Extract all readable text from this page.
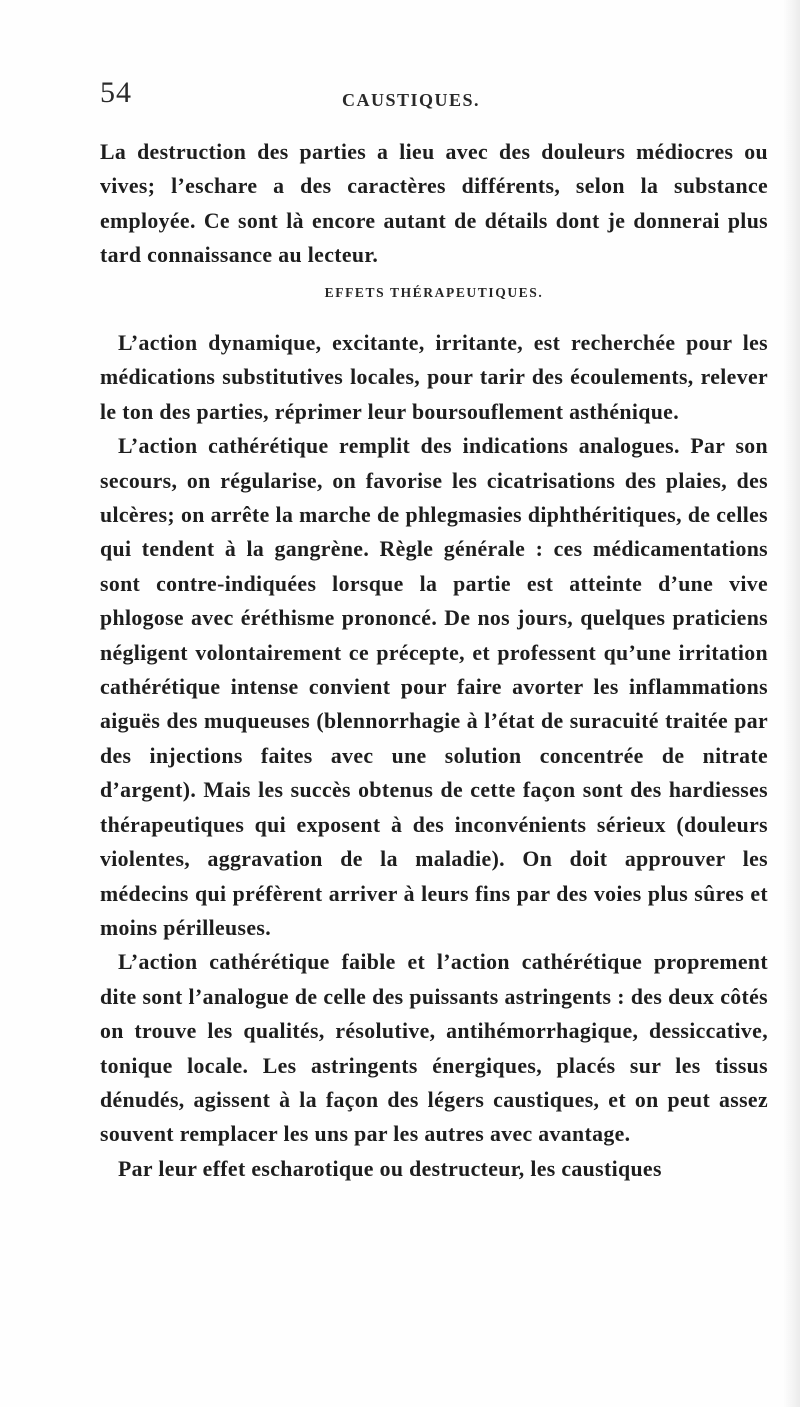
54	CAUSTIQUES.

La destruction des parties a lieu avec des douleurs médiocres ou vives; l’eschare a des caractères différents, selon la substance employée. Ce sont là encore autant de détails dont je donnerai plus tard connaissance au lecteur.

EFFETS THÉRAPEUTIQUES.

L’action dynamique, excitante, irritante, est recherchée pour les médications substitutives locales, pour tarir des écoulements, relever le ton des parties, réprimer leur boursouflement asthénique.

L’action cathérétique remplit des indications analogues. Par son secours, on régularise, on favorise les cicatrisations des plaies, des ulcères; on arrête la marche de phlegmasies diphthéritiques, de celles qui tendent à la gangrène. Règle générale : ces médicamentations sont contre-indiquées lorsque la partie est atteinte d’une vive phlogose avec éréthisme prononcé. De nos jours, quelques praticiens négligent volontairement ce précepte, et professent qu’une irritation cathérétique intense convient pour faire avorter les inflammations aiguës des muqueuses (blennorrhagie à l’état de suracuité traitée par des injections faites avec une solution concentrée de nitrate d’argent). Mais les succès obtenus de cette façon sont des hardiesses thérapeutiques qui exposent à des inconvénients sérieux (douleurs violentes, aggravation de la maladie). On doit approuver les médecins qui préfèrent arriver à leurs fins par des voies plus sûres et moins périlleuses.

L’action cathérétique faible et l’action cathérétique proprement dite sont l’analogue de celle des puissants astringents : des deux côtés on trouve les qualités, résolutive, antihémorrhagique, dessiccative, tonique locale. Les astringents énergiques, placés sur les tissus dénudés, agissent à la façon des légers caustiques, et on peut assez souvent remplacer les uns par les autres avec avantage.

Par leur effet escharotique ou destructeur, les caustiques
